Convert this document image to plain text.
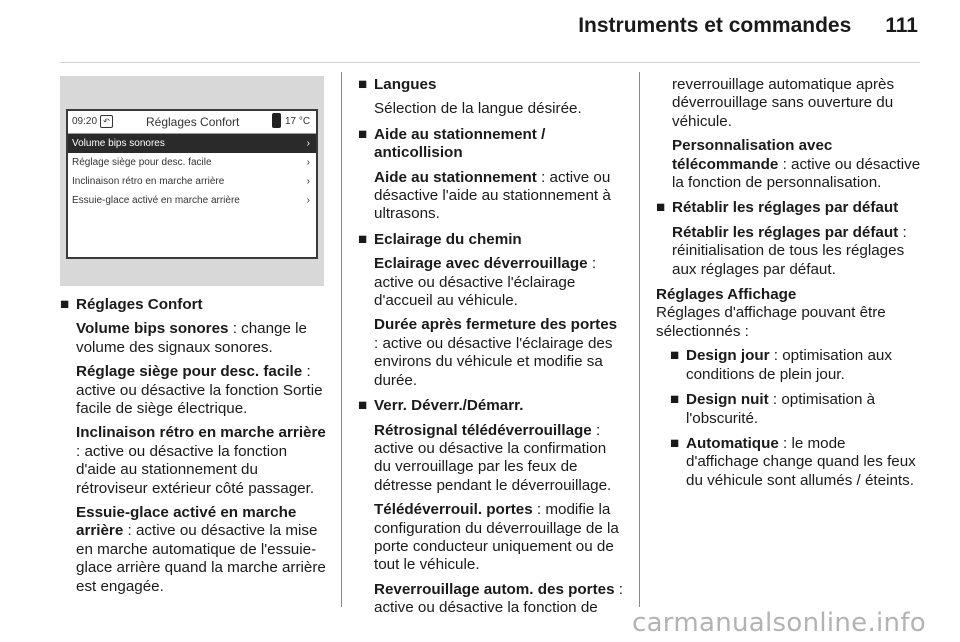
Instruments et commandes 111
09:20 ↶	Réglages Confort	17 °C
Volume bips sonores	›
Réglage siège pour desc. facile	›
Inclinaison rétro en marche arrière	›
Essuie-glace activé en marche arrière	›
■ Réglages Confort
Volume bips sonores : change le volume des signaux sonores.
Réglage siège pour desc. facile : active ou désactive la fonction Sortie facile de siège électrique.
Inclinaison rétro en marche arrière : active ou désactive la fonction d'aide au stationnement du rétroviseur extérieur côté passager.
Essuie-glace activé en marche arrière : active ou désactive la mise en marche automatique de l'essuie-glace arrière quand la marche arrière est engagée.
■ Langues
Sélection de la langue désirée.
■ Aide au stationnement / anticollision
Aide au stationnement : active ou désactive l'aide au stationnement à ultrasons.
■ Eclairage du chemin
Eclairage avec déverrouillage : active ou désactive l'éclairage d'accueil au véhicule.
Durée après fermeture des portes : active ou désactive l'éclairage des environs du véhicule et modifie sa durée.
■ Verr. Déverr./Démarr.
Rétrosignal télédéverrouillage : active ou désactive la confirmation du verrouillage par les feux de détresse pendant le déverrouillage.
Télédéverrouil. portes : modifie la configuration du déverrouillage de la porte conducteur uniquement ou de tout le véhicule.
Reverrouillage autom. des portes : active ou désactive la fonction de
reverrouillage automatique après déverrouillage sans ouverture du véhicule.
Personnalisation avec télécommande : active ou désactive la fonction de personnalisation.
■ Rétablir les réglages par défaut
Rétablir les réglages par défaut : réinitialisation de tous les réglages aux réglages par défaut.
Réglages Affichage
Réglages d'affichage pouvant être sélectionnés :
■ Design jour : optimisation aux conditions de plein jour.
■ Design nuit : optimisation à l'obscurité.
■ Automatique : le mode d'affichage change quand les feux du véhicule sont allumés / éteints.
carmanualsonline.info
